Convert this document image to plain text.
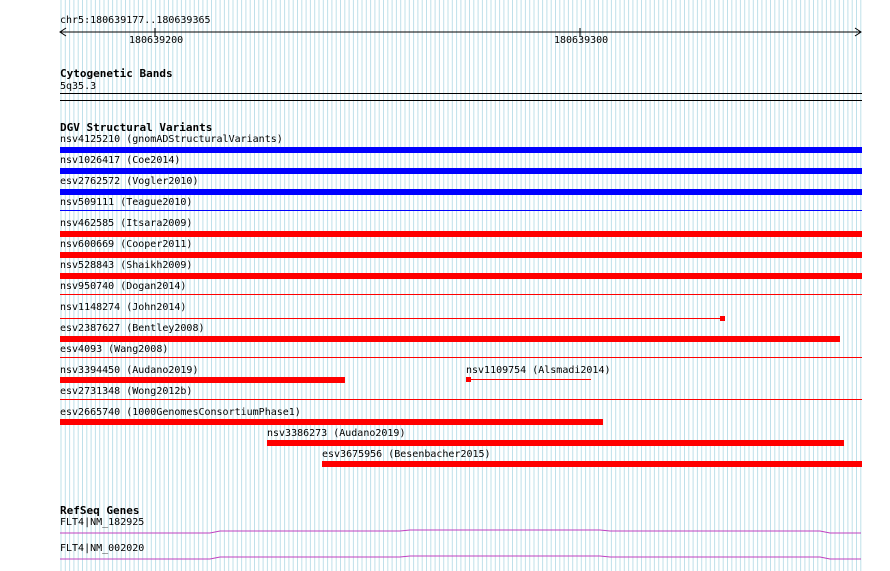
chr5:180639177..180639365
180639200	180639300
Cytogenetic Bands
5q35.3
DGV Structural Variants
nsv4125210 (gnomADStructuralVariants)
nsv1026417 (Coe2014)
esv2762572 (Vogler2010)
nsv509111 (Teague2010)
nsv462585 (Itsara2009)
nsv600669 (Cooper2011)
nsv528843 (Shaikh2009)
nsv950740 (Dogan2014)
nsv1148274 (John2014)
esv2387627 (Bentley2008)
esv4093 (Wang2008)
nsv3394450 (Audano2019)	nsv1109754 (Alsmadi2014)
esv2731348 (Wong2012b)
esv2665740 (1000GenomesConsortiumPhase1)
nsv3386273 (Audano2019)
esv3675956 (Besenbacher2015)
RefSeq Genes
FLT4|NM_182925
FLT4|NM_002020
